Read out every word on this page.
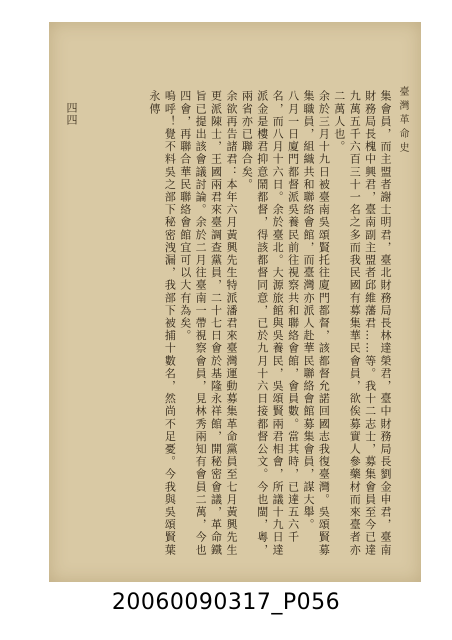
臺灣革命史
四四	集會員，而主盟者謝士明君，臺北財務局長林達榮君，臺中財務局長劉金申君，臺南財務局長槐中興君，臺南副主盟者邱維藩君……等。我十二志士，募集會員至今已達九萬五千六百三十一名之多而我民國有募集華民會員，欲俟募實人參藥材而來臺者亦二萬人也。

余於三月十九日被臺南吳頌賢托往廈門都督，該都督允諾回國志我復臺灣。吳頌賢募集職員，組織共和聯絡會館，而臺灣亦派人赴華民聯絡會館募集會員，謀大舉。

八月一日廈門都督派吳養民前往視察共和聯絡會館，會員數。當其時，已達五六千名，而八月十六日。余於臺北。大源旅館與吳養民，吳頌賢兩君相會，所議十九日達派金是樓君抑意鬧都督，得該都督同意，已於九月十六日接都督公文。今也閩，粵，兩省亦已聯合矣。

余欲再告諸君：本年六月黃興先生特派潘君來臺灣運動募集革命黨員至七月黃興先生更派陳士，王國兩君來臺調查黨員，二十七日會於基隆永祥館，開秘密會議，革命鐵旨已提出該會議討論。余於二月往臺南一帶視察會員，見林秀兩知有會員二萬，今也四會，再聯合華民聯絡會館宜可以大有為矣。

嗚呼！覺不料吳之部下秘密洩漏，我部下被捕十數名，然尚不足憂。今我與吳頌賢葉永傳

20060090317_P056
